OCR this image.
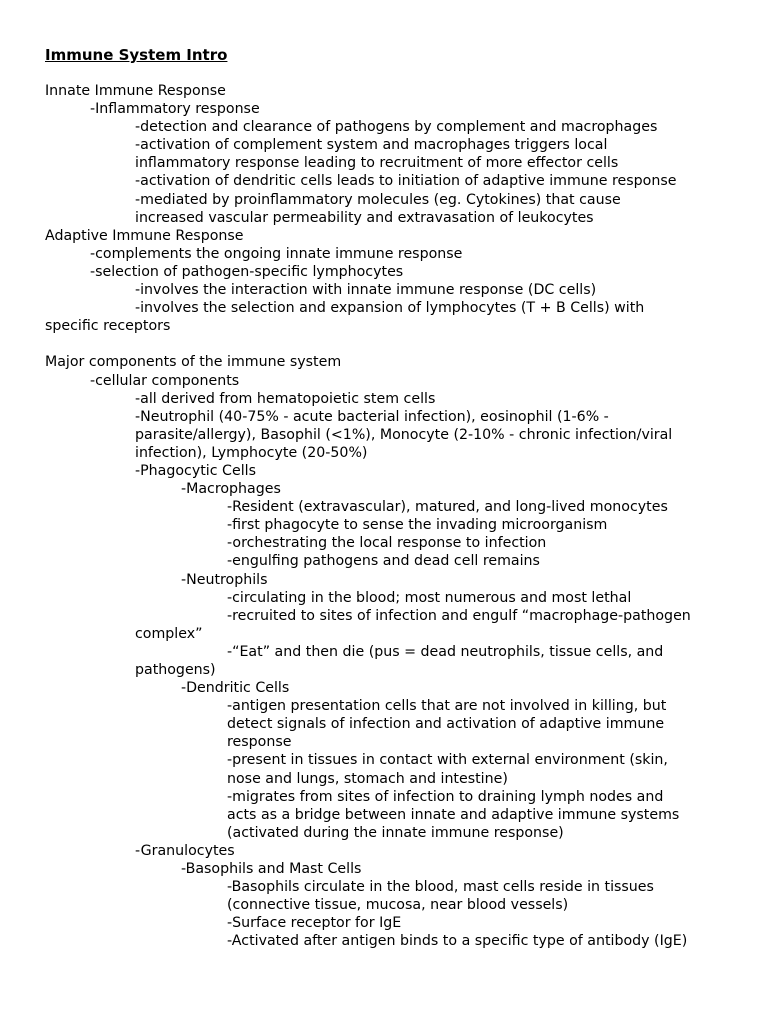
Immune System Intro
Innate Immune Response
-Inflammatory response
-detection and clearance of pathogens by complement and macrophages
-activation of complement system and macrophages triggers local
inflammatory response leading to recruitment of more effector cells
-activation of dendritic cells leads to initiation of adaptive immune response
-mediated by proinflammatory molecules (eg. Cytokines) that cause
increased vascular permeability and extravasation of leukocytes
Adaptive Immune Response
-complements the ongoing innate immune response
-selection of pathogen-specific lymphocytes
-involves the interaction with innate immune response (DC cells)
-involves the selection and expansion of lymphocytes (T + B Cells) with
specific receptors
Major components of the immune system
-cellular components
-all derived from hematopoietic stem cells
-Neutrophil (40-75% - acute bacterial infection), eosinophil (1-6% -
parasite/allergy), Basophil (<1%), Monocyte (2-10% - chronic infection/viral
infection), Lymphocyte (20-50%)
-Phagocytic Cells
-Macrophages
-Resident (extravascular), matured, and long-lived monocytes
-first phagocyte to sense the invading microorganism
-orchestrating the local response to infection
-engulfing pathogens and dead cell remains
-Neutrophils
-circulating in the blood; most numerous and most lethal
-recruited to sites of infection and engulf “macrophage-pathogen
complex”
-“Eat” and then die (pus = dead neutrophils, tissue cells, and
pathogens)
-Dendritic Cells
-antigen presentation cells that are not involved in killing, but
detect signals of infection and activation of adaptive immune
response
-present in tissues in contact with external environment (skin,
nose and lungs, stomach and intestine)
-migrates from sites of infection to draining lymph nodes and
acts as a bridge between innate and adaptive immune systems
(activated during the innate immune response)
-Granulocytes
-Basophils and Mast Cells
-Basophils circulate in the blood, mast cells reside in tissues
(connective tissue, mucosa, near blood vessels)
-Surface receptor for IgE
-Activated after antigen binds to a specific type of antibody (IgE)
